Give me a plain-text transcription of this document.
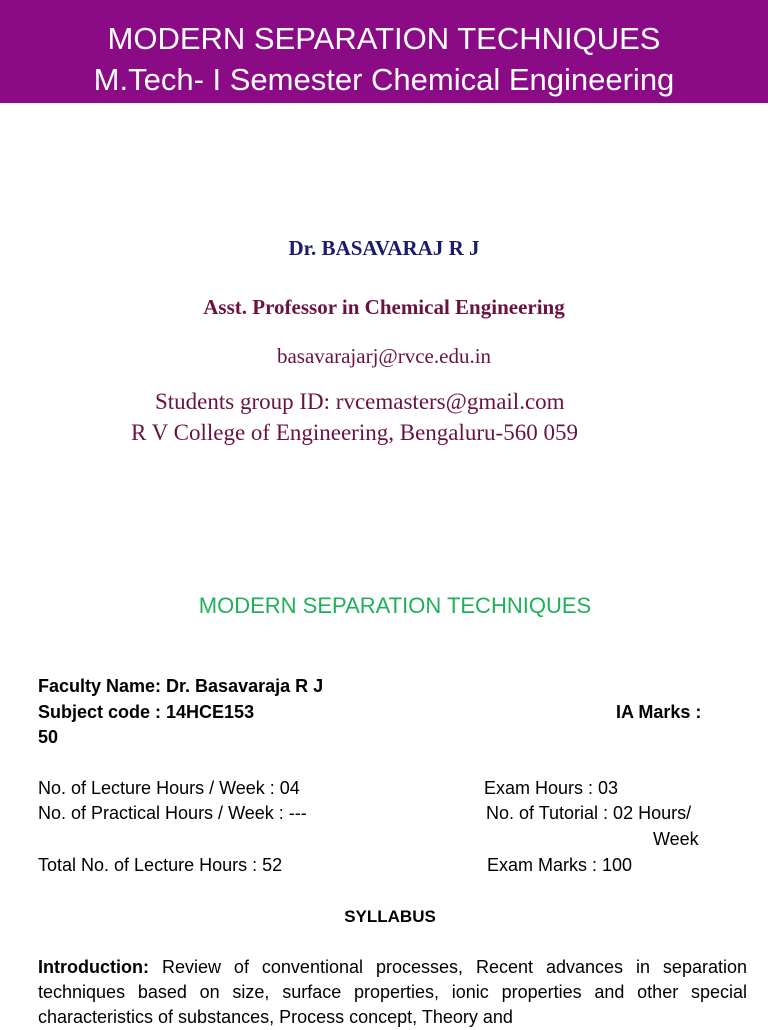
MODERN SEPARATION TECHNIQUES
M.Tech- I Semester Chemical Engineering
Dr. BASAVARAJ R J
Asst. Professor in Chemical Engineering
basavarajarj@rvce.edu.in
Students group ID: rvcemasters@gmail.com
R V College of Engineering, Bengaluru-560 059
MODERN SEPARATION TECHNIQUES
Faculty Name: Dr. Basavaraja R J
Subject code : 14HCE153	IA Marks :
50
No. of Lecture Hours / Week : 04	Exam Hours : 03
No. of Practical Hours / Week : ---	No. of Tutorial : 02 Hours/
Week
Total No. of Lecture Hours : 52	Exam Marks : 100
SYLLABUS
Introduction: Review of conventional processes, Recent advances in separation techniques based on size, surface properties, ionic properties and other special characteristics of substances, Process concept, Theory and
